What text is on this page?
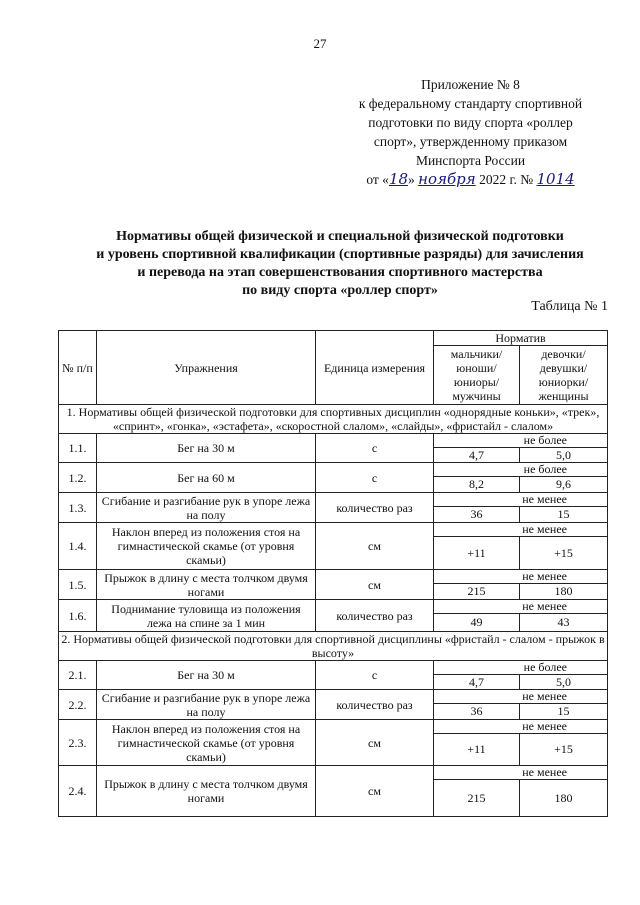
27
Приложение № 8
к федеральному стандарту спортивной
подготовки по виду спорта «роллер
спорт», утвержденному приказом
Минспорта России
от «18» ноября 2022 г. № 1014
Нормативы общей физической и специальной физической подготовки
и уровень спортивной квалификации (спортивные разряды) для зачисления
и перевода на этап совершенствования спортивного мастерства
по виду спорта «роллер спорт»
Таблица № 1
№ п/п	Упражнения	Единица измерения	Норматив	
			мальчики/ юноши/ юниоры/ мужчины	девочки/ девушки/ юниорки/ женщины
1. Нормативы общей физической подготовки для спортивных дисциплин «однорядные коньки», «трек», «спринт», «гонка», «эстафета», «скоростной слалом», «слайды», «фристайл - слалом»				
1.1.	Бег на 30 м	с	не более	
			4,7	5,0
1.2.	Бег на 60 м	с	не более	
			8,2	9,6
1.3.	Сгибание и разгибание рук в упоре лежа на полу	количество раз	не менее	
			36	15
1.4.	Наклон вперед из положения стоя на гимнастической скамье (от уровня скамьи)	см	не менее	
			+11	+15
1.5.	Прыжок в длину с места толчком двумя ногами	см	не менее	
			215	180
1.6.	Поднимание туловища из положения лежа на спине за 1 мин	количество раз	не менее	
			49	43
2. Нормативы общей физической подготовки для спортивной дисциплины «фристайл - слалом - прыжок в высоту»				
2.1.	Бег на 30 м	с	не более	
			4,7	5,0
2.2.	Сгибание и разгибание рук в упоре лежа на полу	количество раз	не менее	
			36	15
2.3.	Наклон вперед из положения стоя на гимнастической скамье (от уровня скамьи)	см	не менее	
			+11	+15
2.4.	Прыжок в длину с места толчком двумя ногами	см	не менее	
			215	180
